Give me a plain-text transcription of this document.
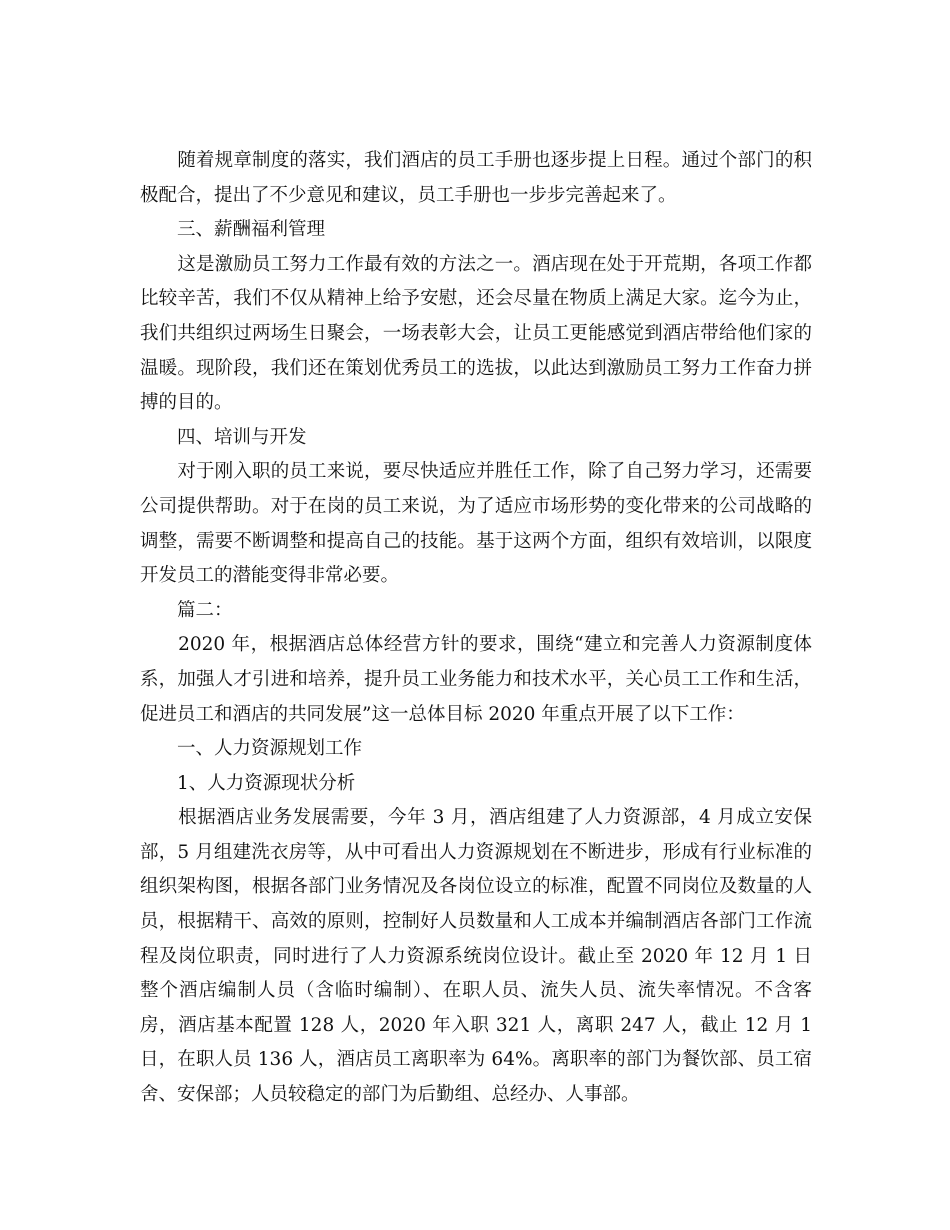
　　随着规章制度的落实，我们酒店的员工手册也逐步提上日程。通过个部门的积极配合，提出了不少意见和建议，员工手册也一步步完善起来了。

　　三、薪酬福利管理

　　这是激励员工努力工作最有效的方法之一。酒店现在处于开荒期，各项工作都比较辛苦，我们不仅从精神上给予安慰，还会尽量在物质上满足大家。迄今为止，我们共组织过两场生日聚会，一场表彰大会，让员工更能感觉到酒店带给他们家的温暖。现阶段，我们还在策划优秀员工的选拔，以此达到激励员工努力工作奋力拼搏的目的。

　　四、培训与开发

　　对于刚入职的员工来说，要尽快适应并胜任工作，除了自己努力学习，还需要公司提供帮助。对于在岗的员工来说，为了适应市场形势的变化带来的公司战略的调整，需要不断调整和提高自己的技能。基于这两个方面，组织有效培训，以限度开发员工的潜能变得非常必要。

　　篇二：

　　2020 年，根据酒店总体经营方针的要求，围绕“建立和完善人力资源制度体系，加强人才引进和培养，提升员工业务能力和技术水平，关心员工工作和生活，促进员工和酒店的共同发展”这一总体目标 2020 年重点开展了以下工作：

　　一、人力资源规划工作

　　1、人力资源现状分析

　　根据酒店业务发展需要，今年 3 月，酒店组建了人力资源部，4 月成立安保部，5 月组建洗衣房等，从中可看出人力资源规划在不断进步，形成有行业标准的组织架构图，根据各部门业务情况及各岗位设立的标准，配置不同岗位及数量的人员，根据精干、高效的原则，控制好人员数量和人工成本并编制酒店各部门工作流程及岗位职责，同时进行了人力资源系统岗位设计。截止至 2020 年 12 月 1 日整个酒店编制人员（含临时编制）、在职人员、流失人员、流失率情况。不含客房，酒店基本配置 128 人，2020 年入职 321 人，离职 247 人，截止 12 月 1 日，在职人员 136 人，酒店员工离职率为 64%。离职率的部门为餐饮部、员工宿舍、安保部；人员较稳定的部门为后勤组、总经办、人事部。
